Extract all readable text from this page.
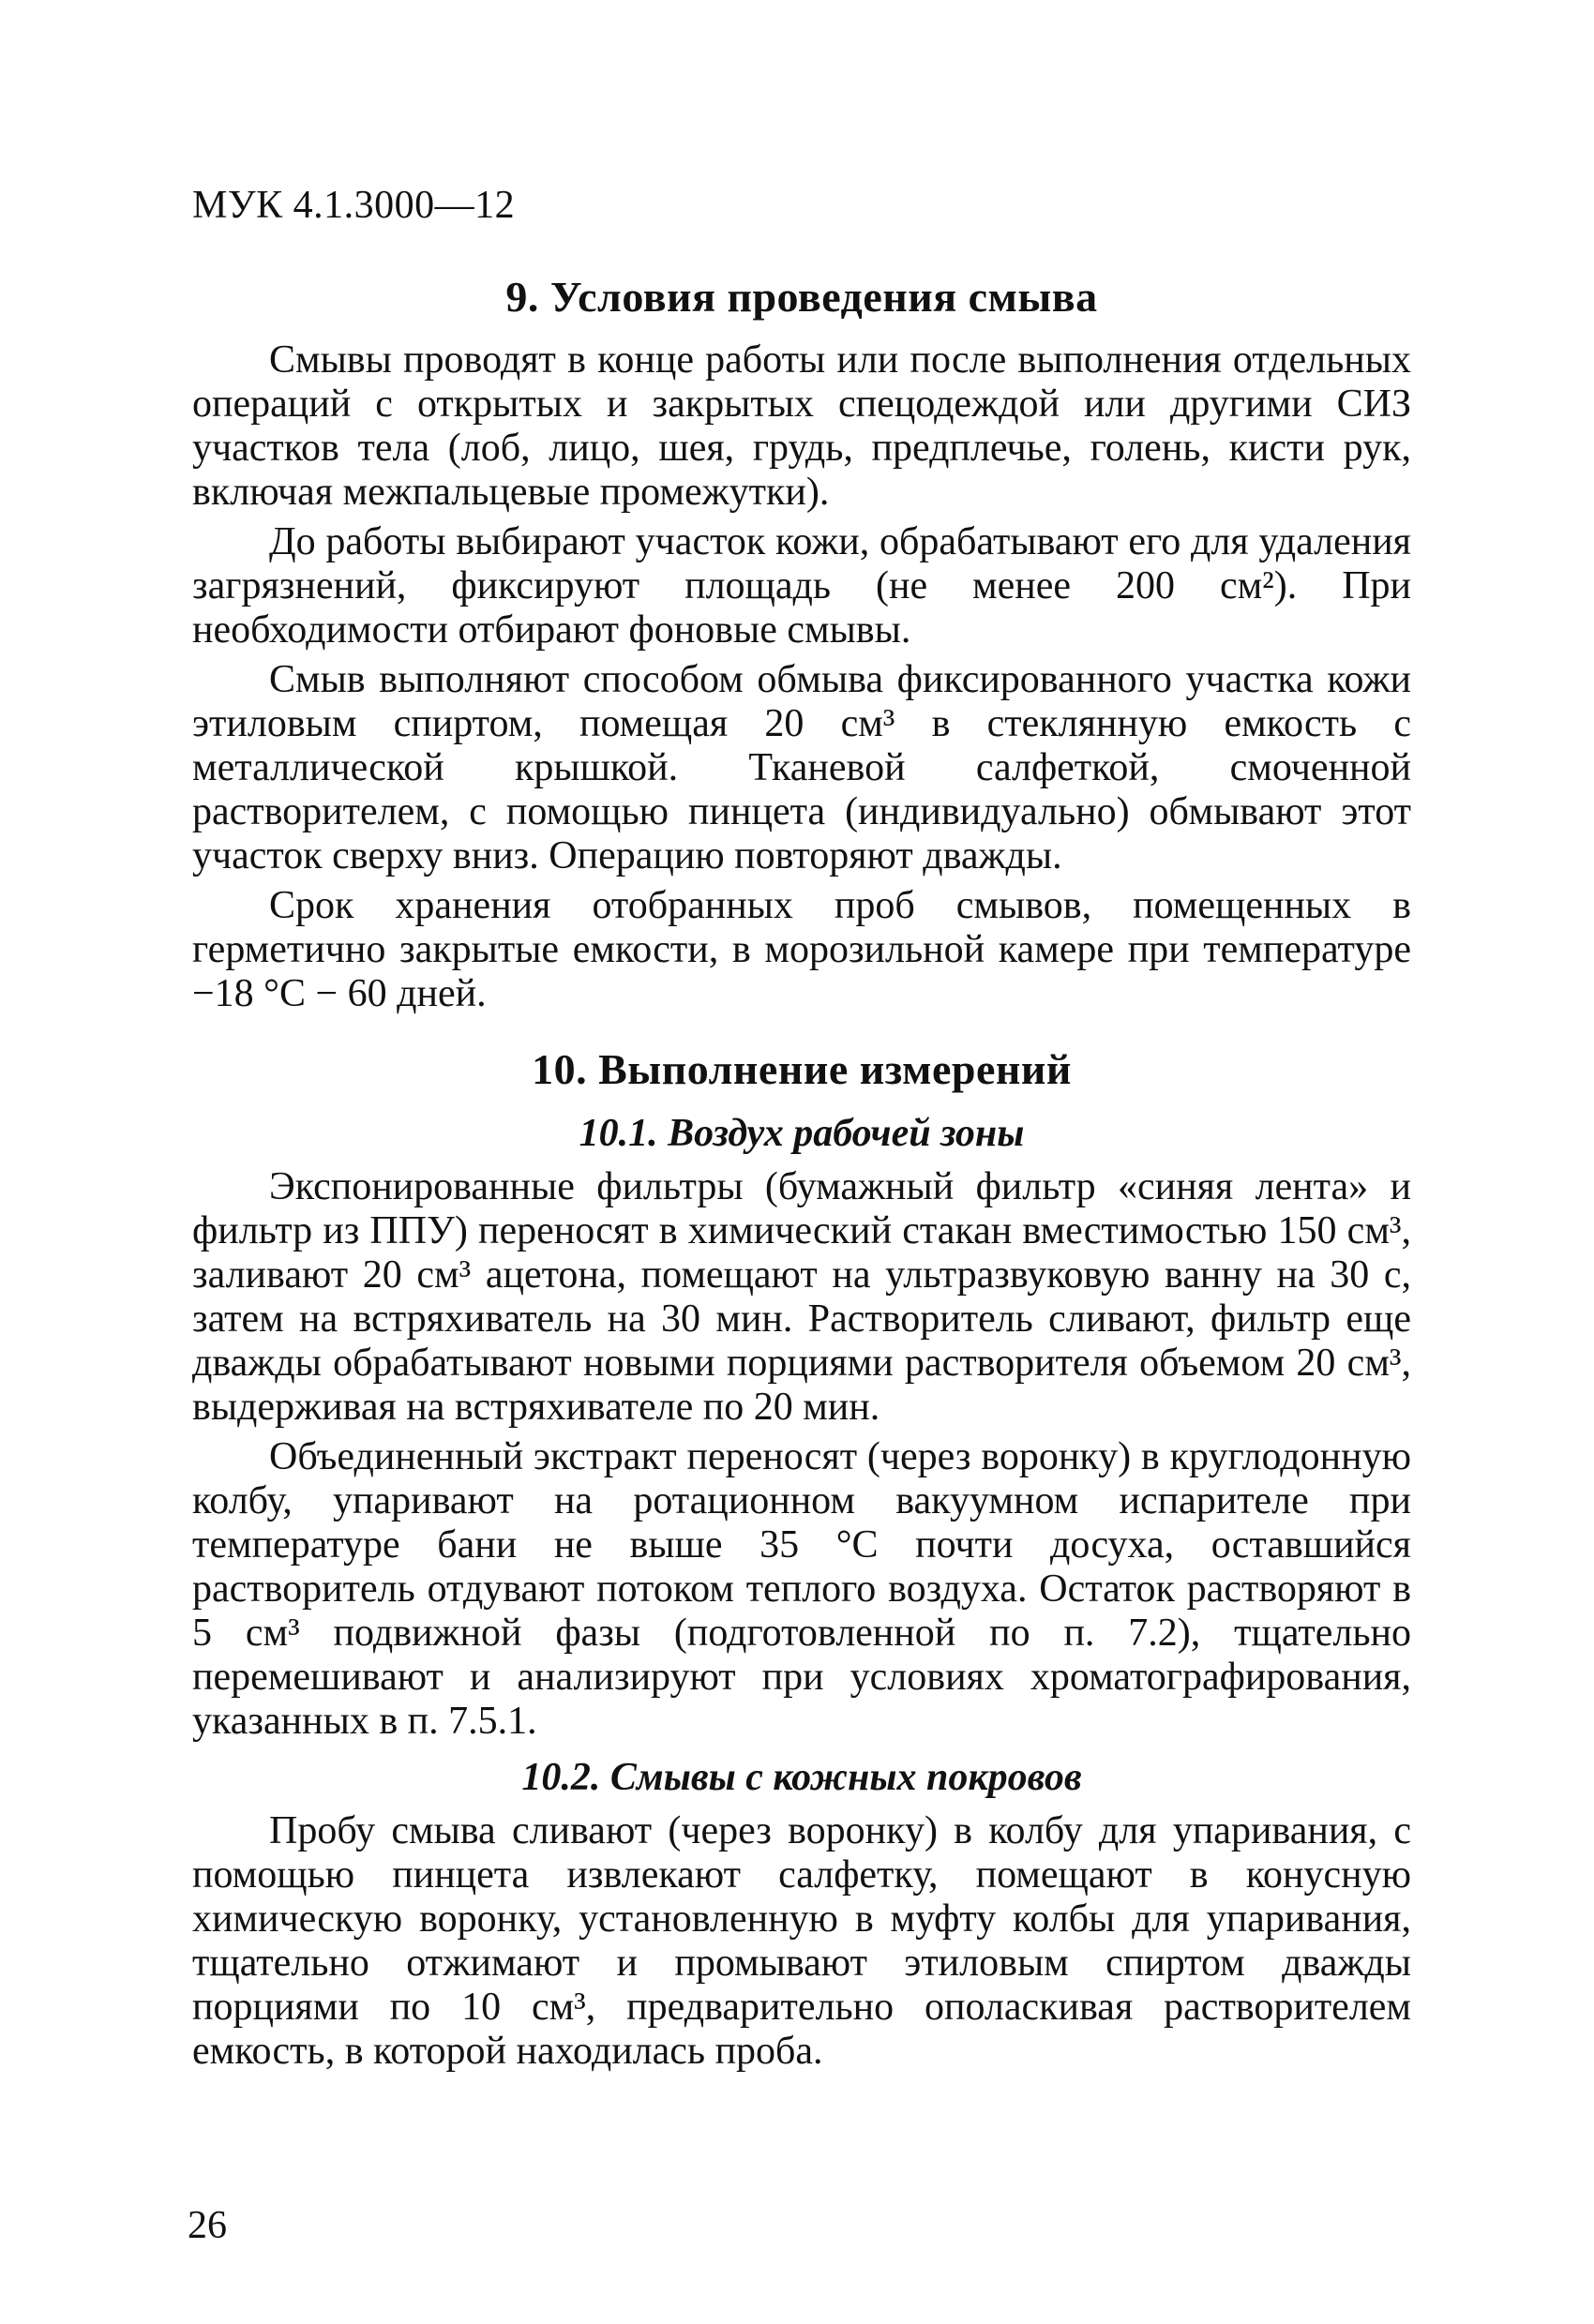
МУК 4.1.3000—12
9. Условия проведения смыва

Смывы проводят в конце работы или после выполнения отдельных операций с открытых и закрытых спецодеждой или другими СИЗ участков тела (лоб, лицо, шея, грудь, предплечье, голень, кисти рук, включая межпальцевые промежутки).

До работы выбирают участок кожи, обрабатывают его для удаления загрязнений, фиксируют площадь (не менее 200 см²). При необходимости отбирают фоновые смывы.

Смыв выполняют способом обмыва фиксированного участка кожи этиловым спиртом, помещая 20 см³ в стеклянную емкость с металлической крышкой. Тканевой салфеткой, смоченной растворителем, с помощью пинцета (индивидуально) обмывают этот участок сверху вниз. Операцию повторяют дважды.

Срок хранения отобранных проб смывов, помещенных в герметично закрытые емкости, в морозильной камере при температуре −18 °С − 60 дней.

10. Выполнение измерений
10.1. Воздух рабочей зоны

Экспонированные фильтры (бумажный фильтр «синяя лента» и фильтр из ППУ) переносят в химический стакан вместимостью 150 см³, заливают 20 см³ ацетона, помещают на ультразвуковую ванну на 30 с, затем на встряхиватель на 30 мин. Растворитель сливают, фильтр еще дважды обрабатывают новыми порциями растворителя объемом 20 см³, выдерживая на встряхивателе по 20 мин.

Объединенный экстракт переносят (через воронку) в круглодонную колбу, упаривают на ротационном вакуумном испарителе при температуре бани не выше 35 °С почти досуха, оставшийся растворитель отдувают потоком теплого воздуха. Остаток растворяют в 5 см³ подвижной фазы (подготовленной по п. 7.2), тщательно перемешивают и анализируют при условиях хроматографирования, указанных в п. 7.5.1.

10.2. Смывы с кожных покровов

Пробу смыва сливают (через воронку) в колбу для упаривания, с помощью пинцета извлекают салфетку, помещают в конусную химическую воронку, установленную в муфту колбы для упаривания, тщательно отжимают и промывают этиловым спиртом дважды порциями по 10 см³, предварительно ополаскивая растворителем емкость, в которой находилась проба.

26
